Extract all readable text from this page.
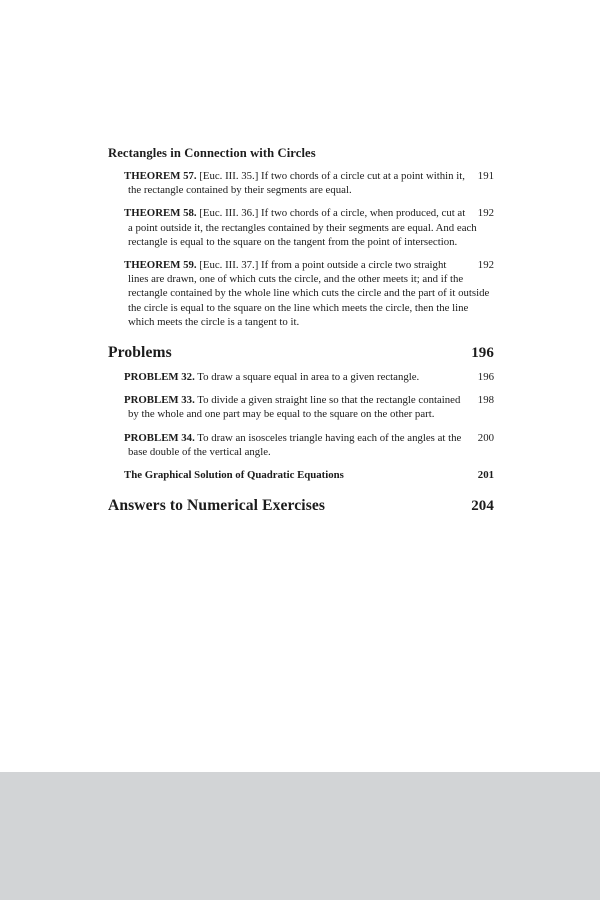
Rectangles in Connection with Circles
191
THEOREM 57. [Euc. III. 35.] If two chords of a circle cut at a point within it, the rectangle contained by their segments are equal.
192
THEOREM 58. [Euc. III. 36.] If two chords of a circle, when produced, cut at a point outside it, the rectangles contained by their segments are equal. And each rectangle is equal to the square on the tangent from the point of intersection.
192
THEOREM 59. [Euc. III. 37.] If from a point outside a circle two straight lines are drawn, one of which cuts the circle, and the other meets it; and if the rectangle contained by the whole line which cuts the circle and the part of it outside the circle is equal to the square on the line which meets the circle, then the line which meets the circle is a tangent to it.
Problems	196
196
PROBLEM 32. To draw a square equal in area to a given rectangle.
198
PROBLEM 33. To divide a given straight line so that the rectangle contained by the whole and one part may be equal to the square on the other part.
200
PROBLEM 34. To draw an isosceles triangle having each of the angles at the base double of the vertical angle.
201
The Graphical Solution of Quadratic Equations
Answers to Numerical Exercises	204
